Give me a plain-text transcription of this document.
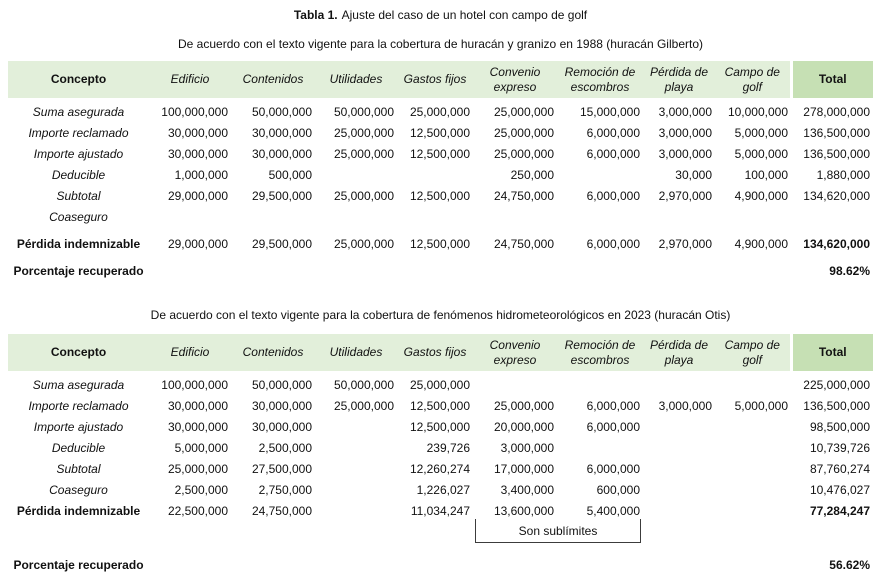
Tabla 1. Ajuste del caso de un hotel con campo de golf
De acuerdo con el texto vigente para la cobertura de huracán y granizo en 1988 (huracán Gilberto)
Concepto	Edificio	Contenidos	Utilidades	Gastos fijos	Convenio expreso	Remoción de escombros	Pérdida de playa	Campo de golf	Total
Suma asegurada	100,000,000	50,000,000	50,000,000	25,000,000	25,000,000	15,000,000	3,000,000	10,000,000	278,000,000
Importe reclamado	30,000,000	30,000,000	25,000,000	12,500,000	25,000,000	6,000,000	3,000,000	5,000,000	136,500,000
Importe ajustado	30,000,000	30,000,000	25,000,000	12,500,000	25,000,000	6,000,000	3,000,000	5,000,000	136,500,000
Deducible	1,000,000	500,000			250,000		30,000	100,000	1,880,000
Subtotal	29,000,000	29,500,000	25,000,000	12,500,000	24,750,000	6,000,000	2,970,000	4,900,000	134,620,000
Coaseguro									
Pérdida indemnizable	29,000,000	29,500,000	25,000,000	12,500,000	24,750,000	6,000,000	2,970,000	4,900,000	134,620,000
Porcentaje recuperado									98.62%
De acuerdo con el texto vigente para la cobertura de fenómenos hidrometeorológicos en 2023 (huracán Otis)
Concepto	Edificio	Contenidos	Utilidades	Gastos fijos	Convenio expreso	Remoción de escombros	Pérdida de playa	Campo de golf	Total
Suma asegurada	100,000,000	50,000,000	50,000,000	25,000,000					225,000,000
Importe reclamado	30,000,000	30,000,000	25,000,000	12,500,000	25,000,000	6,000,000	3,000,000	5,000,000	136,500,000
Importe ajustado	30,000,000	30,000,000		12,500,000	20,000,000	6,000,000			98,500,000
Deducible	5,000,000	2,500,000		239,726	3,000,000				10,739,726
Subtotal	25,000,000	27,500,000		12,260,274	17,000,000	6,000,000			87,760,274
Coaseguro	2,500,000	2,750,000		1,226,027	3,400,000	600,000			10,476,027
Pérdida indemnizable	22,500,000	24,750,000		11,034,247	13,600,000	5,400,000			77,284,247

Son sublímites				

Porcentaje recuperado									56.62%
